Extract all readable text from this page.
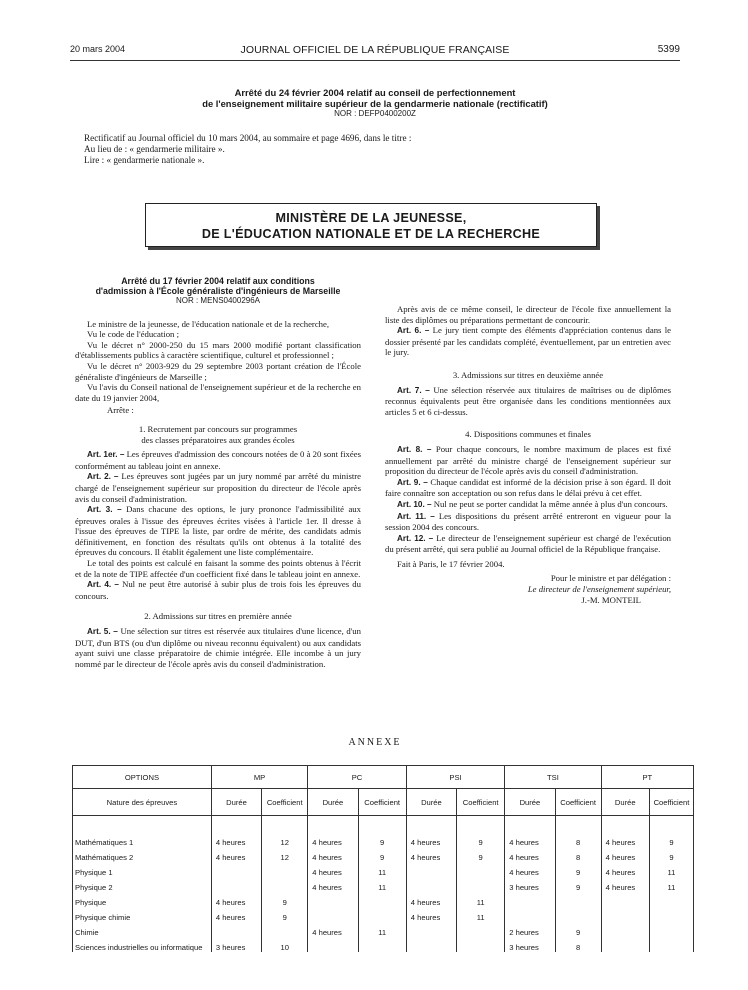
20 mars 2004	JOURNAL OFFICIEL DE LA RÉPUBLIQUE FRANÇAISE	5399
Arrêté du 24 février 2004 relatif au conseil de perfectionnement
de l'enseignement militaire supérieur de la gendarmerie nationale (rectificatif)
NOR : DEFP0400200Z
Rectificatif au Journal officiel du 10 mars 2004, au sommaire et page 4696, dans le titre :
Au lieu de : « gendarmerie militaire ».
Lire : « gendarmerie nationale ».
MINISTÈRE DE LA JEUNESSE,
DE L'ÉDUCATION NATIONALE ET DE LA RECHERCHE

Arrêté du 17 février 2004 relatif aux conditions

d'admission à l'École généraliste d'ingénieurs de Marseille

NOR : MENS0400296A

Le ministre de la jeunesse, de l'éducation nationale et de la recherche,

Vu le code de l'éducation ;

Vu le décret n° 2000-250 du 15 mars 2000 modifié portant classification d'établissements publics à caractère scientifique, culturel et professionnel ;

Vu le décret n° 2003-929 du 29 septembre 2003 portant création de l'École généraliste d'ingénieurs de Marseille ;

Vu l'avis du Conseil national de l'enseignement supérieur et de la recherche en date du 19 janvier 2004,

Arrête :

1. Recrutement par concours sur programmes

des classes préparatoires aux grandes écoles

Art. 1er. – Les épreuves d'admission des concours notées de 0 à 20 sont fixées conformément au tableau joint en annexe.

Art. 2. – Les épreuves sont jugées par un jury nommé par arrêté du ministre chargé de l'enseignement supérieur sur proposition du directeur de l'école après avis du conseil d'administration.

Art. 3. – Dans chacune des options, le jury prononce l'admissibilité aux épreuves orales à l'issue des épreuves écrites visées à l'article 1er. Il dresse à l'issue des épreuves de TIPE la liste, par ordre de mérite, des candidats admis définitivement, en fonction des résultats qu'ils ont obtenus à la totalité des épreuves du concours. Il établit également une liste complémentaire.

Le total des points est calculé en faisant la somme des points obtenus à l'écrit et de la note de TIPE affectée d'un coefficient fixé dans le tableau joint en annexe.

Art. 4. – Nul ne peut être autorisé à subir plus de trois fois les épreuves du concours.

2. Admissions sur titres en première année

Art. 5. – Une sélection sur titres est réservée aux titulaires d'une licence, d'un DUT, d'un BTS (ou d'un diplôme ou niveau reconnu équivalent) ou aux candidats ayant suivi une classe préparatoire de chimie intégrée. Elle incombe à un jury nommé par le directeur de l'école après avis du conseil d'administration.

Après avis de ce même conseil, le directeur de l'école fixe annuellement la liste des diplômes ou préparations permettant de concourir.

Art. 6. – Le jury tient compte des éléments d'appréciation contenus dans le dossier présenté par les candidats complété, éventuellement, par un entretien avec le jury.

3. Admissions sur titres en deuxième année

Art. 7. – Une sélection réservée aux titulaires de maîtrises ou de diplômes reconnus équivalents peut être organisée dans les conditions mentionnées aux articles 5 et 6 ci-dessus.

4. Dispositions communes et finales

Art. 8. – Pour chaque concours, le nombre maximum de places est fixé annuellement par arrêté du ministre chargé de l'enseignement supérieur sur proposition du directeur de l'école après avis du conseil d'administration.

Art. 9. – Chaque candidat est informé de la décision prise à son égard. Il doit faire connaître son acceptation ou son refus dans le délai prévu à cet effet.

Art. 10. – Nul ne peut se porter candidat la même année à plus d'un concours.

Art. 11. – Les dispositions du présent arrêté entreront en vigueur pour la session 2004 des concours.

Art. 12. – Le directeur de l'enseignement supérieur est chargé de l'exécution du présent arrêté, qui sera publié au Journal officiel de la République française.

Fait à Paris, le 17 février 2004.

Pour le ministre et par délégation :

Le directeur de l'enseignement supérieur,

J.-M. MONTEIL

ANNEXE
OPTIONS	MP		PC		PSI		TSI		PT	
Nature des épreuves	Durée	Coefficient	Durée	Coefficient	Durée	Coefficient	Durée	Coefficient	Durée	Coefficient
Mathématiques 1	4 heures	12	4 heures	9	4 heures	9	4 heures	8	4 heures	9
Mathématiques 2	4 heures	12	4 heures	9	4 heures	9	4 heures	8	4 heures	9
Physique 1			4 heures	11			4 heures	9	4 heures	11
Physique 2			4 heures	11			3 heures	9	4 heures	11
Physique	4 heures	9			4 heures	11				
Physique chimie	4 heures	9			4 heures	11				
Chimie			4 heures	11			2 heures	9		
Sciences industrielles ou informatique	3 heures	10					3 heures	8		
